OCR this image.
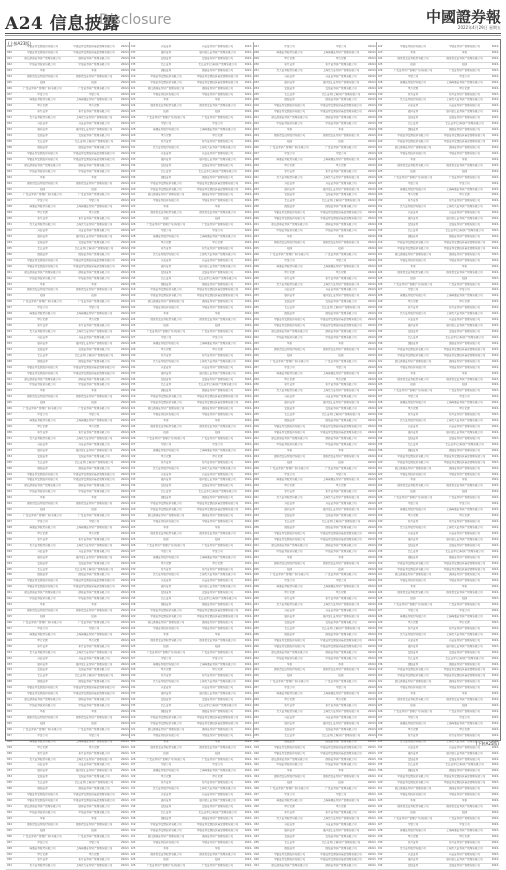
A24 信息披露
Disclosure	中國證券報
2022年4月29日 星期五
(上接A23版)
019	中银证券安源投资有限公司	中银证券安源投资基金管理有限公司	2022-
020	中银证券安源投资有限公司	中银证券安源投资基金管理有限公司	2022-
021	浙江浙商证券资产管理有限公司	浙商证券资产管理有限公司	2022-
022	中信证券投资有限公司	中信证券资产管理有限公司	2022-
023	华泰	华泰	2022-
024	国泰君安证券股份有限公司	国泰君安证券资产管理有限公司	2022-
025	招商	招商	2022-
026	广发证券资产管理(广东)有限公司	广发证券资产管理有限公司	2022-
027	中金公司	中金公司	2022-
028	海通证券股份有限公司	上海海通证券资产管理有限公司	2022-
029	申万宏源	申万宏源	2022-
030	东方证券	东方证券资产管理有限公司	2022-
031	光大证券股份有限公司	上海光大证券资产管理有限公司	2022-
032	兴业证券	兴证证券资产管理有限公司	2022-
033	银河证券	银河金汇证券资产管理有限公司	2022-
034	安信证券	安信证券资产管理有限公司	2022-
035	长江证券	长江证券(上海)资产管理有限公司	2022-
036	国信证券	国信证券资产管理有限公司	2022-
019	中银证券安源投资有限公司	中银证券安源投资基金管理有限公司	2022-
020	中银证券安源投资有限公司	中银证券安源投资基金管理有限公司	2022-
021	浙江浙商证券资产管理有限公司	浙商证券资产管理有限公司	2022-
022	中信证券投资有限公司	中信证券资产管理有限公司	2022-
023	华泰	华泰	2022-
024	国泰君安证券股份有限公司	国泰君安证券资产管理有限公司	2022-
025	招商	招商	2022-
026	广发证券资产管理(广东)有限公司	广发证券资产管理有限公司	2022-
027	中金公司	中金公司	2022-
028	海通证券股份有限公司	上海海通证券资产管理有限公司	2022-
029	申万宏源	申万宏源	2022-
030	东方证券	东方证券资产管理有限公司	2022-
031	光大证券股份有限公司	上海光大证券资产管理有限公司	2022-
032	兴业证券	兴证证券资产管理有限公司	2022-
033	银河证券	银河金汇证券资产管理有限公司	2022-
034	安信证券	安信证券资产管理有限公司	2022-
035	长江证券	长江证券(上海)资产管理有限公司	2022-
036	国信证券	国信证券资产管理有限公司	2022-
019	中银证券安源投资有限公司	中银证券安源投资基金管理有限公司	2022-
020	中银证券安源投资有限公司	中银证券安源投资基金管理有限公司	2022-
021	浙江浙商证券资产管理有限公司	浙商证券资产管理有限公司	2022-
022	中信证券投资有限公司	中信证券资产管理有限公司	2022-
023	华泰	华泰	2022-
024	国泰君安证券股份有限公司	国泰君安证券资产管理有限公司	2022-
025	招商	招商	2022-
026	广发证券资产管理(广东)有限公司	广发证券资产管理有限公司	2022-
027	中金公司	中金公司	2022-
028	海通证券股份有限公司	上海海通证券资产管理有限公司	2022-
029	申万宏源	申万宏源	2022-
030	东方证券	东方证券资产管理有限公司	2022-
031	光大证券股份有限公司	上海光大证券资产管理有限公司	2022-
032	兴业证券	兴证证券资产管理有限公司	2022-
033	银河证券	银河金汇证券资产管理有限公司	2022-
034	安信证券	安信证券资产管理有限公司	2022-
035	长江证券	长江证券(上海)资产管理有限公司	2022-
036	国信证券	国信证券资产管理有限公司	2022-
019	中银证券安源投资有限公司	中银证券安源投资基金管理有限公司	2022-
020	中银证券安源投资有限公司	中银证券安源投资基金管理有限公司	2022-
021	浙江浙商证券资产管理有限公司	浙商证券资产管理有限公司	2022-
022	中信证券投资有限公司	中信证券资产管理有限公司	2022-
023	华泰	华泰	2022-
024	国泰君安证券股份有限公司	国泰君安证券资产管理有限公司	2022-
025	招商	招商	2022-
026	广发证券资产管理(广东)有限公司	广发证券资产管理有限公司	2022-
027	中金公司	中金公司	2022-
028	海通证券股份有限公司	上海海通证券资产管理有限公司	2022-
029	申万宏源	申万宏源	2022-
030	东方证券	东方证券资产管理有限公司	2022-
031	光大证券股份有限公司	上海光大证券资产管理有限公司	2022-
032	兴业证券	兴证证券资产管理有限公司	2022-
033	银河证券	银河金汇证券资产管理有限公司	2022-
034	安信证券	安信证券资产管理有限公司	2022-
035	长江证券	长江证券(上海)资产管理有限公司	2022-
036	国信证券	国信证券资产管理有限公司	2022-
019	中银证券安源投资有限公司	中银证券安源投资基金管理有限公司	2022-
020	中银证券安源投资有限公司	中银证券安源投资基金管理有限公司	2022-
021	浙江浙商证券资产管理有限公司	浙商证券资产管理有限公司	2022-
022	中信证券投资有限公司	中信证券资产管理有限公司	2022-
023	华泰	华泰	2022-
024	国泰君安证券股份有限公司	国泰君安证券资产管理有限公司	2022-
025	招商	招商	2022-
026	广发证券资产管理(广东)有限公司	广发证券资产管理有限公司	2022-
027	中金公司	中金公司	2022-
028	海通证券股份有限公司	上海海通证券资产管理有限公司	2022-
029	申万宏源	申万宏源	2022-
030	东方证券	东方证券资产管理有限公司	2022-
031	光大证券股份有限公司	上海光大证券资产管理有限公司	2022-
032	兴业证券	兴证证券资产管理有限公司	2022-
033	银河证券	银河金汇证券资产管理有限公司	2022-
034	安信证券	安信证券资产管理有限公司	2022-
035	长江证券	长江证券(上海)资产管理有限公司	2022-
036	国信证券	国信证券资产管理有限公司	2022-
019	中银证券安源投资有限公司	中银证券安源投资基金管理有限公司	2022-
020	中银证券安源投资有限公司	中银证券安源投资基金管理有限公司	2022-
021	浙江浙商证券资产管理有限公司	浙商证券资产管理有限公司	2022-
022	中信证券投资有限公司	中信证券资产管理有限公司	2022-
023	华泰	华泰	2022-
024	国泰君安证券股份有限公司	国泰君安证券资产管理有限公司	2022-
025	招商	招商	2022-
026	广发证券资产管理(广东)有限公司	广发证券资产管理有限公司	2022-
027	中金公司	中金公司	2022-
028	海通证券股份有限公司	上海海通证券资产管理有限公司	2022-
029	申万宏源	申万宏源	2022-
030	东方证券	东方证券资产管理有限公司	2022-
031	光大证券股份有限公司	上海光大证券资产管理有限公司	2022-
032	兴业证券	兴证证券资产管理有限公司	2022-
033	银河证券	银河金汇证券资产管理有限公司	2022-
034	安信证券	安信证券资产管理有限公司	2022-
035	长江证券	长江证券(上海)资产管理有限公司	2022-
036	国信证券	国信证券资产管理有限公司	2022-
019	中银证券安源投资有限公司	中银证券安源投资基金管理有限公司	2022-
020	中银证券安源投资有限公司	中银证券安源投资基金管理有限公司	2022-
021	浙江浙商证券资产管理有限公司	浙商证券资产管理有限公司	2022-
022	中信证券投资有限公司	中信证券资产管理有限公司	2022-
023	华泰	华泰	2022-
024	国泰君安证券股份有限公司	国泰君安证券资产管理有限公司	2022-
025	招商	招商	2022-
026	广发证券资产管理(广东)有限公司	广发证券资产管理有限公司	2022-
027	中金公司	中金公司	2022-
028	海通证券股份有限公司	上海海通证券资产管理有限公司	2022-
029	申万宏源	申万宏源	2022-
030	东方证券	东方证券资产管理有限公司	2022-
031	光大证券股份有限公司	上海光大证券资产管理有限公司	2022-
032	兴业证券	兴证证券资产管理有限公司	2022-
033	银河证券	银河金汇证券资产管理有限公司	2022-
034	安信证券	安信证券资产管理有限公司	2022-
035	长江证券	长江证券(上海)资产管理有限公司	2022-
036	国信证券	国信证券资产管理有限公司	2022-
019	中银证券安源投资有限公司	中银证券安源投资基金管理有限公司	2022-
020	中银证券安源投资有限公司	中银证券安源投资基金管理有限公司	2022-
021	浙江浙商证券资产管理有限公司	浙商证券资产管理有限公司	2022-
022	中信证券投资有限公司	中信证券资产管理有限公司	2022-
023	华泰	华泰	2022-
024	国泰君安证券股份有限公司	国泰君安证券资产管理有限公司	2022-
025	招商	招商	2022-
026	广发证券资产管理(广东)有限公司	广发证券资产管理有限公司	2022-
027	中金公司	中金公司	2022-
028	海通证券股份有限公司	上海海通证券资产管理有限公司	2022-
029	申万宏源	申万宏源	2022-
030	东方证券	东方证券资产管理有限公司	2022-
031	光大证券股份有限公司	上海光大证券资产管理有限公司	2022-
032	兴业证券	兴证证券资产管理有限公司	2022-
033	银河证券	银河金汇证券资产管理有限公司	2022-
034	安信证券	安信证券资产管理有限公司	2022-
035	长江证券	长江证券(上海)资产管理有限公司	2022-
036	国信证券	国信证券资产管理有限公司	2022-
019	中银证券安源投资有限公司	中银证券安源投资基金管理有限公司	2022-
020	中银证券安源投资有限公司	中银证券安源投资基金管理有限公司	2022-
021	浙江浙商证券资产管理有限公司	浙商证券资产管理有限公司	2022-
022	中信证券投资有限公司	中信证券资产管理有限公司	2022-
023	华泰	华泰	2022-
024	国泰君安证券股份有限公司	国泰君安证券资产管理有限公司	2022-
025	招商	招商	2022-
026	广发证券资产管理(广东)有限公司	广发证券资产管理有限公司	2022-
027	中金公司	中金公司	2022-
028	海通证券股份有限公司	上海海通证券资产管理有限公司	2022-
029	申万宏源	申万宏源	2022-
030	东方证券	东方证券资产管理有限公司	2022-
031	光大证券股份有限公司	上海光大证券资产管理有限公司	2022-
032	兴业证券	兴证证券资产管理有限公司	2022-
033	银河证券	银河金汇证券资产管理有限公司	2022-
034	安信证券	安信证券资产管理有限公司	2022-
035	长江证券	长江证券(上海)资产管理有限公司	2022-
036	国信证券	国信证券资产管理有限公司	2022-
019	中银证券安源投资有限公司	中银证券安源投资基金管理有限公司	2022-
020	中银证券安源投资有限公司	中银证券安源投资基金管理有限公司	2022-
021	浙江浙商证券资产管理有限公司	浙商证券资产管理有限公司	2022-
022	中信证券投资有限公司	中信证券资产管理有限公司	2022-
023	华泰	华泰	2022-
024	国泰君安证券股份有限公司	国泰君安证券资产管理有限公司	2022-
025	招商	招商	2022-
026	广发证券资产管理(广东)有限公司	广发证券资产管理有限公司	2022-
027	中金公司	中金公司	2022-
028	海通证券股份有限公司	上海海通证券资产管理有限公司	2022-
029	申万宏源	申万宏源	2022-
030	东方证券	东方证券资产管理有限公司	2022-
031	光大证券股份有限公司	上海光大证券资产管理有限公司	2022-
032	兴业证券	兴证证券资产管理有限公司	2022-
033	银河证券	银河金汇证券资产管理有限公司	2022-
034	安信证券	安信证券资产管理有限公司	2022-
035	长江证券	长江证券(上海)资产管理有限公司	2022-
036	国信证券	国信证券资产管理有限公司	2022-
019	中银证券安源投资有限公司	中银证券安源投资基金管理有限公司	2022-
020	中银证券安源投资有限公司	中银证券安源投资基金管理有限公司	2022-
021	浙江浙商证券资产管理有限公司	浙商证券资产管理有限公司	2022-
022	中信证券投资有限公司	中信证券资产管理有限公司	2022-
023	华泰	华泰	2022-
024	国泰君安证券股份有限公司	国泰君安证券资产管理有限公司	2022-
025	招商	招商	2022-
026	广发证券资产管理(广东)有限公司	广发证券资产管理有限公司	2022-
027	中金公司	中金公司	2022-
028	海通证券股份有限公司	上海海通证券资产管理有限公司	2022-
029	申万宏源	申万宏源	2022-
030	东方证券	东方证券资产管理有限公司	2022-
031	光大证券股份有限公司	上海光大证券资产管理有限公司	2022-
032	兴业证券	兴证证券资产管理有限公司	2022-
033	银河证券	银河金汇证券资产管理有限公司	2022-
034	安信证券	安信证券资产管理有限公司	2022-
035	长江证券	长江证券(上海)资产管理有限公司	2022-
036	国信证券	国信证券资产管理有限公司	2022-
019	中银证券安源投资有限公司	中银证券安源投资基金管理有限公司	2022-
020	中银证券安源投资有限公司	中银证券安源投资基金管理有限公司	2022-
021	浙江浙商证券资产管理有限公司	浙商证券资产管理有限公司	2022-
022	中信证券投资有限公司	中信证券资产管理有限公司	2022-
023	华泰	华泰	2022-
024	国泰君安证券股份有限公司	国泰君安证券资产管理有限公司	2022-
025	招商	招商	2022-
026	广发证券资产管理(广东)有限公司	广发证券资产管理有限公司	2022-
027	中金公司	中金公司	2022-
028	海通证券股份有限公司	上海海通证券资产管理有限公司	2022-
029	申万宏源	申万宏源	2022-
030	东方证券	东方证券资产管理有限公司	2022-
031	光大证券股份有限公司	上海光大证券资产管理有限公司	2022-
032	兴业证券	兴证证券资产管理有限公司	2022-
033	银河证券	银河金汇证券资产管理有限公司	2022-
034	安信证券	安信证券资产管理有限公司	2022-
035	长江证券	长江证券(上海)资产管理有限公司	2022-
036	国信证券	国信证券资产管理有限公司	2022-
019	中银证券安源投资有限公司	中银证券安源投资基金管理有限公司	2022-
020	中银证券安源投资有限公司	中银证券安源投资基金管理有限公司	2022-
021	浙江浙商证券资产管理有限公司	浙商证券资产管理有限公司	2022-
022	中信证券投资有限公司	中信证券资产管理有限公司	2022-
023	华泰	华泰	2022-
024	国泰君安证券股份有限公司	国泰君安证券资产管理有限公司	2022-
025	招商	招商	2022-
026	广发证券资产管理(广东)有限公司	广发证券资产管理有限公司	2022-
027	中金公司	中金公司	2022-
028	海通证券股份有限公司	上海海通证券资产管理有限公司	2022-
029	申万宏源	申万宏源	2022-
030	东方证券	东方证券资产管理有限公司	2022-
031	光大证券股份有限公司	上海光大证券资产管理有限公司	2022-
032	兴业证券	兴证证券资产管理有限公司	2022-
033	银河证券	银河金汇证券资产管理有限公司	2022-
034	安信证券	安信证券资产管理有限公司	2022-
035	长江证券	长江证券(上海)资产管理有限公司	2022-
036	国信证券	国信证券资产管理有限公司	2022-
019	中银证券安源投资有限公司	中银证券安源投资基金管理有限公司	2022-
020	中银证券安源投资有限公司	中银证券安源投资基金管理有限公司	2022-
021	浙江浙商证券资产管理有限公司	浙商证券资产管理有限公司	2022-
022	中信证券投资有限公司	中信证券资产管理有限公司	2022-
023	华泰	华泰	2022-
024	国泰君安证券股份有限公司	国泰君安证券资产管理有限公司	2022-
025	招商	招商	2022-
026	广发证券资产管理(广东)有限公司	广发证券资产管理有限公司	2022-
027	中金公司	中金公司	2022-
028	海通证券股份有限公司	上海海通证券资产管理有限公司	2022-
029	申万宏源	申万宏源	2022-
030	东方证券	东方证券资产管理有限公司	2022-
031	光大证券股份有限公司	上海光大证券资产管理有限公司	2022-
032	兴业证券	兴证证券资产管理有限公司	2022-
033	银河证券	银河金汇证券资产管理有限公司	2022-
034	安信证券	安信证券资产管理有限公司	2022-
035	长江证券	长江证券(上海)资产管理有限公司	2022-
036	国信证券	国信证券资产管理有限公司	2022-
019	中银证券安源投资有限公司	中银证券安源投资基金管理有限公司	2022-
020	中银证券安源投资有限公司	中银证券安源投资基金管理有限公司	2022-
021	浙江浙商证券资产管理有限公司	浙商证券资产管理有限公司	2022-
022	中信证券投资有限公司	中信证券资产管理有限公司	2022-
023	华泰	华泰	2022-
024	国泰君安证券股份有限公司	国泰君安证券资产管理有限公司	2022-
025	招商	招商	2022-
026	广发证券资产管理(广东)有限公司	广发证券资产管理有限公司	2022-
027	中金公司	中金公司	2022-
028	海通证券股份有限公司	上海海通证券资产管理有限公司	2022-
029	申万宏源	申万宏源	2022-
030	东方证券	东方证券资产管理有限公司	2022-
031	光大证券股份有限公司	上海光大证券资产管理有限公司	2022-
032	兴业证券	兴证证券资产管理有限公司	2022-
033	银河证券	银河金汇证券资产管理有限公司	2022-
034	安信证券	安信证券资产管理有限公司	2022-
035	长江证券	长江证券(上海)资产管理有限公司	2022-
036	国信证券	国信证券资产管理有限公司	2022-
019	中银证券安源投资有限公司	中银证券安源投资基金管理有限公司	2022-
020	中银证券安源投资有限公司	中银证券安源投资基金管理有限公司	2022-
021	浙江浙商证券资产管理有限公司	浙商证券资产管理有限公司	2022-
022	中信证券投资有限公司	中信证券资产管理有限公司	2022-
023	华泰	华泰	2022-
024	国泰君安证券股份有限公司	国泰君安证券资产管理有限公司	2022-
025	招商	招商	2022-
026	广发证券资产管理(广东)有限公司	广发证券资产管理有限公司	2022-
027	中金公司	中金公司	2022-
028	海通证券股份有限公司	上海海通证券资产管理有限公司	2022-
029	申万宏源	申万宏源	2022-
030	东方证券	东方证券资产管理有限公司	2022-
031	光大证券股份有限公司	上海光大证券资产管理有限公司	2022-
032	兴业证券	兴证证券资产管理有限公司	2022-
033	银河证券	银河金汇证券资产管理有限公司	2022-
034	安信证券	安信证券资产管理有限公司	2022-
035	长江证券	长江证券(上海)资产管理有限公司	2022-
036	国信证券	国信证券资产管理有限公司	2022-
019	中银证券安源投资有限公司	中银证券安源投资基金管理有限公司	2022-
020	中银证券安源投资有限公司	中银证券安源投资基金管理有限公司	2022-
021	浙江浙商证券资产管理有限公司	浙商证券资产管理有限公司	2022-
022	中信证券投资有限公司	中信证券资产管理有限公司	2022-
023	华泰	华泰	2022-
024	国泰君安证券股份有限公司	国泰君安证券资产管理有限公司	2022-
025	招商	招商	2022-
026	广发证券资产管理(广东)有限公司	广发证券资产管理有限公司	2022-
027	中金公司	中金公司	2022-
028	海通证券股份有限公司	上海海通证券资产管理有限公司	2022-
029	申万宏源	申万宏源	2022-
030	东方证券	东方证券资产管理有限公司	2022-
031	光大证券股份有限公司	上海光大证券资产管理有限公司	2022-
032	兴业证券	兴证证券资产管理有限公司	2022-
033	银河证券	银河金汇证券资产管理有限公司	2022-
034	安信证券	安信证券资产管理有限公司	2022-
035	长江证券	长江证券(上海)资产管理有限公司	2022-
036	国信证券	国信证券资产管理有限公司	2022-
019	中银证券安源投资有限公司	中银证券安源投资基金管理有限公司	2022-
020	中银证券安源投资有限公司	中银证券安源投资基金管理有限公司	2022-
021	浙江浙商证券资产管理有限公司	浙商证券资产管理有限公司	2022-
022	中信证券投资有限公司	中信证券资产管理有限公司	2022-
023	华泰	华泰	2022-
024	国泰君安证券股份有限公司	国泰君安证券资产管理有限公司	2022-
025	招商	招商	2022-
026	广发证券资产管理(广东)有限公司	广发证券资产管理有限公司	2022-
027	中金公司	中金公司	2022-
028	海通证券股份有限公司	上海海通证券资产管理有限公司	2022-
029	申万宏源	申万宏源	2022-
030	东方证券	东方证券资产管理有限公司	2022-
031	光大证券股份有限公司	上海光大证券资产管理有限公司	2022-
032	兴业证券	兴证证券资产管理有限公司	2022-
033	银河证券	银河金汇证券资产管理有限公司	2022-
034	安信证券	安信证券资产管理有限公司	2022-
035	长江证券	长江证券(上海)资产管理有限公司	2022-
036	国信证券	国信证券资产管理有限公司	2022-
019	中银证券安源投资有限公司	中银证券安源投资基金管理有限公司	2022-
020	中银证券安源投资有限公司	中银证券安源投资基金管理有限公司	2022-
021	浙江浙商证券资产管理有限公司	浙商证券资产管理有限公司	2022-
022	中信证券投资有限公司	中信证券资产管理有限公司	2022-
023	华泰	华泰	2022-
024	国泰君安证券股份有限公司	国泰君安证券资产管理有限公司	2022-
025	招商	招商	2022-
026	广发证券资产管理(广东)有限公司	广发证券资产管理有限公司	2022-
027	中金公司	中金公司	2022-
028	海通证券股份有限公司	上海海通证券资产管理有限公司	2022-
029	申万宏源	申万宏源	2022-
030	东方证券	东方证券资产管理有限公司	2022-
031	光大证券股份有限公司	上海光大证券资产管理有限公司	2022-
032	兴业证券	兴证证券资产管理有限公司	2022-
033	银河证券	银河金汇证券资产管理有限公司	2022-
034	安信证券	安信证券资产管理有限公司	2022-
035	长江证券	长江证券(上海)资产管理有限公司	2022-
036	国信证券	国信证券资产管理有限公司	2022-
019	中银证券安源投资有限公司	中银证券安源投资基金管理有限公司	2022-
020	中银证券安源投资有限公司	中银证券安源投资基金管理有限公司	2022-
021	浙江浙商证券资产管理有限公司	浙商证券资产管理有限公司	2022-
022	中信证券投资有限公司	中信证券资产管理有限公司	2022-
023	华泰	华泰	2022-
024	国泰君安证券股份有限公司	国泰君安证券资产管理有限公司	2022-
025	招商	招商	2022-
026	广发证券资产管理(广东)有限公司	广发证券资产管理有限公司	2022-
027	中金公司	中金公司	2022-
028	海通证券股份有限公司	上海海通证券资产管理有限公司	2022-
029	申万宏源	申万宏源	2022-
030	东方证券	东方证券资产管理有限公司	2022-
031	光大证券股份有限公司	上海光大证券资产管理有限公司	2022-
032	兴业证券	兴证证券资产管理有限公司	2022-
033	银河证券	银河金汇证券资产管理有限公司	2022-
034	安信证券	安信证券资产管理有限公司	2022-
035	长江证券	长江证券(上海)资产管理有限公司	2022-
036	国信证券	国信证券资产管理有限公司	2022-
019	中银证券安源投资有限公司	中银证券安源投资基金管理有限公司	2022-
020	中银证券安源投资有限公司	中银证券安源投资基金管理有限公司	2022-
021	浙江浙商证券资产管理有限公司	浙商证券资产管理有限公司	2022-
022	中信证券投资有限公司	中信证券资产管理有限公司	2022-
023	华泰	华泰	2022-
024	国泰君安证券股份有限公司	国泰君安证券资产管理有限公司	2022-
025	招商	招商	2022-
026	广发证券资产管理(广东)有限公司	广发证券资产管理有限公司	2022-
027	中金公司	中金公司	2022-
028	海通证券股份有限公司	上海海通证券资产管理有限公司	2022-
029	申万宏源	申万宏源	2022-
030	东方证券	东方证券资产管理有限公司	2022-
031	光大证券股份有限公司	上海光大证券资产管理有限公司	2022-
032	兴业证券	兴证证券资产管理有限公司	2022-
033	银河证券	银河金汇证券资产管理有限公司	2022-
034	安信证券	安信证券资产管理有限公司	2022-
035	长江证券	长江证券(上海)资产管理有限公司	2022-
036	国信证券	国信证券资产管理有限公司	2022-
019	中银证券安源投资有限公司	中银证券安源投资基金管理有限公司	2022-
020	中银证券安源投资有限公司	中银证券安源投资基金管理有限公司	2022-
021	浙江浙商证券资产管理有限公司	浙商证券资产管理有限公司	2022-
022	中信证券投资有限公司	中信证券资产管理有限公司	2022-
023	华泰	华泰	2022-
024	国泰君安证券股份有限公司	国泰君安证券资产管理有限公司	2022-
025	招商	招商	2022-
026	广发证券资产管理(广东)有限公司	广发证券资产管理有限公司	2022-
027	中金公司	中金公司	2022-
028	海通证券股份有限公司	上海海通证券资产管理有限公司	2022-
029	申万宏源	申万宏源	2022-
030	东方证券	东方证券资产管理有限公司	2022-
031	光大证券股份有限公司	上海光大证券资产管理有限公司	2022-
032	兴业证券	兴证证券资产管理有限公司	2022-
033	银河证券	银河金汇证券资产管理有限公司	2022-
034	安信证券	安信证券资产管理有限公司	2022-
035	长江证券	长江证券(上海)资产管理有限公司	2022-
036	国信证券	国信证券资产管理有限公司	2022-
019	中银证券安源投资有限公司	中银证券安源投资基金管理有限公司	2022-
020	中银证券安源投资有限公司	中银证券安源投资基金管理有限公司	2022-
021	浙江浙商证券资产管理有限公司	浙商证券资产管理有限公司	2022-
022	中信证券投资有限公司	中信证券资产管理有限公司	2022-
023	华泰	华泰	2022-
024	国泰君安证券股份有限公司	国泰君安证券资产管理有限公司	2022-
025	招商	招商	2022-
026	广发证券资产管理(广东)有限公司	广发证券资产管理有限公司	2022-
027	中金公司	中金公司	2022-
028	海通证券股份有限公司	上海海通证券资产管理有限公司	2022-
029	申万宏源	申万宏源	2022-
030	东方证券	东方证券资产管理有限公司	2022-
031	光大证券股份有限公司	上海光大证券资产管理有限公司	2022-
032	兴业证券	兴证证券资产管理有限公司	2022-
033	银河证券	银河金汇证券资产管理有限公司	2022-
034	安信证券	安信证券资产管理有限公司	2022-
035	长江证券	长江证券(上海)资产管理有限公司	2022-
036	国信证券	国信证券资产管理有限公司	2022-
019	中银证券安源投资有限公司	中银证券安源投资基金管理有限公司	2022-
020	中银证券安源投资有限公司	中银证券安源投资基金管理有限公司	2022-
021	浙江浙商证券资产管理有限公司	浙商证券资产管理有限公司	2022-
022	中信证券投资有限公司	中信证券资产管理有限公司	2022-
023	华泰	华泰	2022-
024	国泰君安证券股份有限公司	国泰君安证券资产管理有限公司	2022-
025	招商	招商	2022-
026	广发证券资产管理(广东)有限公司	广发证券资产管理有限公司	2022-
027	中金公司	中金公司	2022-
028	海通证券股份有限公司	上海海通证券资产管理有限公司	2022-
029	申万宏源	申万宏源	2022-
030	东方证券	东方证券资产管理有限公司	2022-
031	光大证券股份有限公司	上海光大证券资产管理有限公司	2022-
032	兴业证券	兴证证券资产管理有限公司	2022-
033	银河证券	银河金汇证券资产管理有限公司	2022-
034	安信证券	安信证券资产管理有限公司	2022-
035	长江证券	长江证券(上海)资产管理有限公司	2022-
036	国信证券	国信证券资产管理有限公司	2022-
019	中银证券安源投资有限公司	中银证券安源投资基金管理有限公司	2022-
020	中银证券安源投资有限公司	中银证券安源投资基金管理有限公司	2022-
021	浙江浙商证券资产管理有限公司	浙商证券资产管理有限公司	2022-
022	中信证券投资有限公司	中信证券资产管理有限公司	2022-
023	华泰	华泰	2022-
024	国泰君安证券股份有限公司	国泰君安证券资产管理有限公司	2022-
025	招商	招商	2022-
026	广发证券资产管理(广东)有限公司	广发证券资产管理有限公司	2022-
027	中金公司	中金公司	2022-
028	海通证券股份有限公司	上海海通证券资产管理有限公司	2022-
029	申万宏源	申万宏源	2022-
030	东方证券	东方证券资产管理有限公司	2022-
031	光大证券股份有限公司	上海光大证券资产管理有限公司	2022-
032	兴业证券	兴证证券资产管理有限公司	2022-
033	银河证券	银河金汇证券资产管理有限公司	2022-
034	安信证券	安信证券资产管理有限公司	2022-
035	长江证券	长江证券(上海)资产管理有限公司	2022-
036	国信证券	国信证券资产管理有限公司	2022-
019	中银证券安源投资有限公司	中银证券安源投资基金管理有限公司	2022-
020	中银证券安源投资有限公司	中银证券安源投资基金管理有限公司	2022-
021	浙江浙商证券资产管理有限公司	浙商证券资产管理有限公司	2022-
022	中信证券投资有限公司	中信证券资产管理有限公司	2022-
023	华泰	华泰	2022-
024	国泰君安证券股份有限公司	国泰君安证券资产管理有限公司	2022-
025	招商	招商	2022-
026	广发证券资产管理(广东)有限公司	广发证券资产管理有限公司	2022-
027	中金公司	中金公司	2022-
028	海通证券股份有限公司	上海海通证券资产管理有限公司	2022-
029	申万宏源	申万宏源	2022-
030	东方证券	东方证券资产管理有限公司	2022-
031	光大证券股份有限公司	上海光大证券资产管理有限公司	2022-
032	兴业证券	兴证证券资产管理有限公司	2022-
033	银河证券	银河金汇证券资产管理有限公司	2022-
034	安信证券	安信证券资产管理有限公司	2022-
035	长江证券	长江证券(上海)资产管理有限公司	2022-
036	国信证券	国信证券资产管理有限公司	2022-
019	中银证券安源投资有限公司	中银证券安源投资基金管理有限公司	2022-
020	中银证券安源投资有限公司	中银证券安源投资基金管理有限公司	2022-
021	浙江浙商证券资产管理有限公司	浙商证券资产管理有限公司	2022-
022	中信证券投资有限公司	中信证券资产管理有限公司	2022-
023	华泰	华泰	2022-
024	国泰君安证券股份有限公司	国泰君安证券资产管理有限公司	2022-
025	招商	招商	2022-
026	广发证券资产管理(广东)有限公司	广发证券资产管理有限公司	2022-
027	中金公司	中金公司	2022-
028	海通证券股份有限公司	上海海通证券资产管理有限公司	2022-
029	申万宏源	申万宏源	2022-
030	东方证券	东方证券资产管理有限公司	2022-
031	光大证券股份有限公司	上海光大证券资产管理有限公司	2022-
032	兴业证券	兴证证券资产管理有限公司	2022-
033	银河证券	银河金汇证券资产管理有限公司	2022-
034	安信证券	安信证券资产管理有限公司	2022-
035	长江证券	长江证券(上海)资产管理有限公司	2022-
036	国信证券	国信证券资产管理有限公司	2022-
019	中银证券安源投资有限公司	中银证券安源投资基金管理有限公司	2022-
020	中银证券安源投资有限公司	中银证券安源投资基金管理有限公司	2022-
021	浙江浙商证券资产管理有限公司	浙商证券资产管理有限公司	2022-
022	中信证券投资有限公司	中信证券资产管理有限公司	2022-
023	华泰	华泰	2022-
024	国泰君安证券股份有限公司	国泰君安证券资产管理有限公司	2022-
025	招商	招商	2022-
026	广发证券资产管理(广东)有限公司	广发证券资产管理有限公司	2022-
027	中金公司	中金公司	2022-
028	海通证券股份有限公司	上海海通证券资产管理有限公司	2022-
029	申万宏源	申万宏源	2022-
030	东方证券	东方证券资产管理有限公司	2022-
031	光大证券股份有限公司	上海光大证券资产管理有限公司	2022-
032	兴业证券	兴证证券资产管理有限公司	2022-
033	银河证券	银河金汇证券资产管理有限公司	2022-
034	安信证券	安信证券资产管理有限公司	2022-
035	长江证券	长江证券(上海)资产管理有限公司	2022-
036	国信证券	国信证券资产管理有限公司	2022-
019	中银证券安源投资有限公司	中银证券安源投资基金管理有限公司	2022-
020	中银证券安源投资有限公司	中银证券安源投资基金管理有限公司	2022-
021	浙江浙商证券资产管理有限公司	浙商证券资产管理有限公司	2022-
022	中信证券投资有限公司	中信证券资产管理有限公司	2022-
023	华泰	华泰	2022-
024	国泰君安证券股份有限公司	国泰君安证券资产管理有限公司	2022-
025	招商	招商	2022-
026	广发证券资产管理(广东)有限公司	广发证券资产管理有限公司	2022-
027	中金公司	中金公司	2022-
028	海通证券股份有限公司	上海海通证券资产管理有限公司	2022-
029	申万宏源	申万宏源	2022-
030	东方证券	东方证券资产管理有限公司	2022-
031	光大证券股份有限公司	上海光大证券资产管理有限公司	2022-
032	兴业证券	兴证证券资产管理有限公司	2022-
033	银河证券	银河金汇证券资产管理有限公司	2022-
034	安信证券	安信证券资产管理有限公司	2022-
035	长江证券	长江证券(上海)资产管理有限公司	2022-
036	国信证券	国信证券资产管理有限公司	2022-
019	中银证券安源投资有限公司	中银证券安源投资基金管理有限公司	2022-
020	中银证券安源投资有限公司	中银证券安源投资基金管理有限公司	2022-
021	浙江浙商证券资产管理有限公司	浙商证券资产管理有限公司	2022-
022	中信证券投资有限公司	中信证券资产管理有限公司	2022-
023	华泰	华泰	2022-
024	国泰君安证券股份有限公司	国泰君安证券资产管理有限公司	2022-
025	招商	招商	2022-
026	广发证券资产管理(广东)有限公司	广发证券资产管理有限公司	2022-
027	中金公司	中金公司	2022-
028	海通证券股份有限公司	上海海通证券资产管理有限公司	2022-
029	申万宏源	申万宏源	2022-
030	东方证券	东方证券资产管理有限公司	2022-
031	光大证券股份有限公司	上海光大证券资产管理有限公司	2022-
032	兴业证券	兴证证券资产管理有限公司	2022-
033	银河证券	银河金汇证券资产管理有限公司	2022-
034	安信证券	安信证券资产管理有限公司	2022-
035	长江证券	长江证券(上海)资产管理有限公司	2022-
036	国信证券	国信证券资产管理有限公司	2022-
019	中银证券安源投资有限公司	中银证券安源投资基金管理有限公司	2022-
020	中银证券安源投资有限公司	中银证券安源投资基金管理有限公司	2022-
021	浙江浙商证券资产管理有限公司	浙商证券资产管理有限公司	2022-
022	中信证券投资有限公司	中信证券资产管理有限公司	2022-
023	华泰	华泰	2022-
024	国泰君安证券股份有限公司	国泰君安证券资产管理有限公司	2022-
025	招商	招商	2022-
026	广发证券资产管理(广东)有限公司	广发证券资产管理有限公司	2022-
027	中金公司	中金公司	2022-
028	海通证券股份有限公司	上海海通证券资产管理有限公司	2022-
029	申万宏源	申万宏源	2022-
030	东方证券	东方证券资产管理有限公司	2022-
031	光大证券股份有限公司	上海光大证券资产管理有限公司	2022-
032	兴业证券	兴证证券资产管理有限公司	2022-
033	银河证券	银河金汇证券资产管理有限公司	2022-
034	安信证券	安信证券资产管理有限公司	2022-
(下转A25版)
